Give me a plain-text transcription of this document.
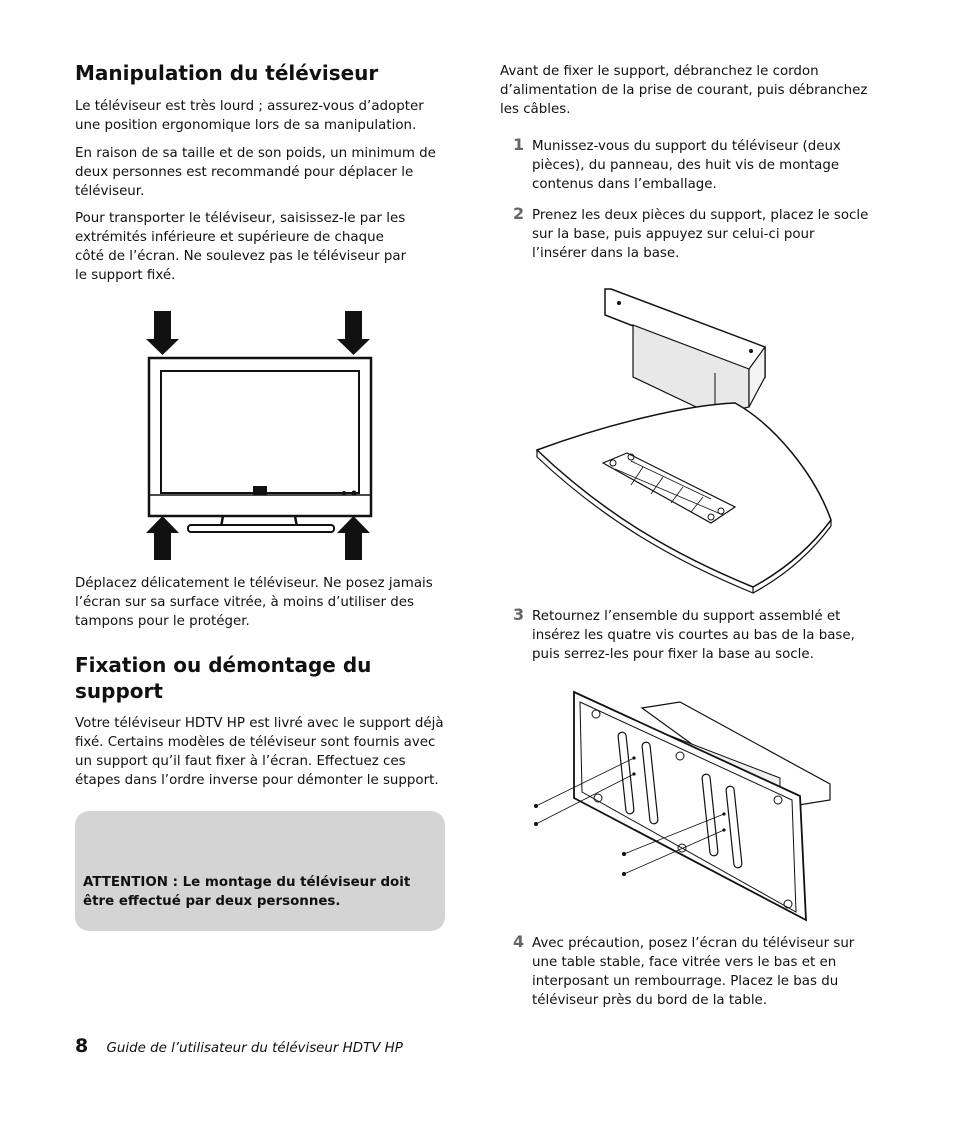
Manipulation du téléviseur

Le téléviseur est très lourd ; assurez-vous d’adopter une position ergonomique lors de sa manipulation.

En raison de sa taille et de son poids, un minimum de deux personnes est recommandé pour déplacer le téléviseur.

Pour transporter le téléviseur, saisissez-le par les extrémités inférieure et supérieure de chaque côté de l’écran. Ne soulevez pas le téléviseur par le support fixé.

Déplacez délicatement le téléviseur. Ne posez jamais l’écran sur sa surface vitrée, à moins d’utiliser des tampons pour le protéger.

Fixation ou démontage du support

Votre téléviseur HDTV HP est livré avec le support déjà fixé. Certains modèles de téléviseur sont fournis avec un support qu’il faut fixer à l’écran. Effectuez ces étapes dans l’ordre inverse pour démonter le support.

ATTENTION : Le montage du téléviseur doit être effectué par deux personnes.

Avant de fixer le support, débranchez le cordon d’alimentation de la prise de courant, puis débranchez les câbles.

1 Munissez-vous du support du téléviseur (deux pièces), du panneau, des huit vis de montage contenus dans l’emballage.

2 Prenez les deux pièces du support, placez le socle sur la base, puis appuyez sur celui-ci pour l’insérer dans la base.

3 Retournez l’ensemble du support assemblé et insérez les quatre vis courtes au bas de la base, puis serrez-les pour fixer la base au socle.

4 Avec précaution, posez l’écran du téléviseur sur une table stable, face vitrée vers le bas et en interposant un rembourrage. Placez le bas du téléviseur près du bord de la table.

8 Guide de l’utilisateur du téléviseur HDTV HP
